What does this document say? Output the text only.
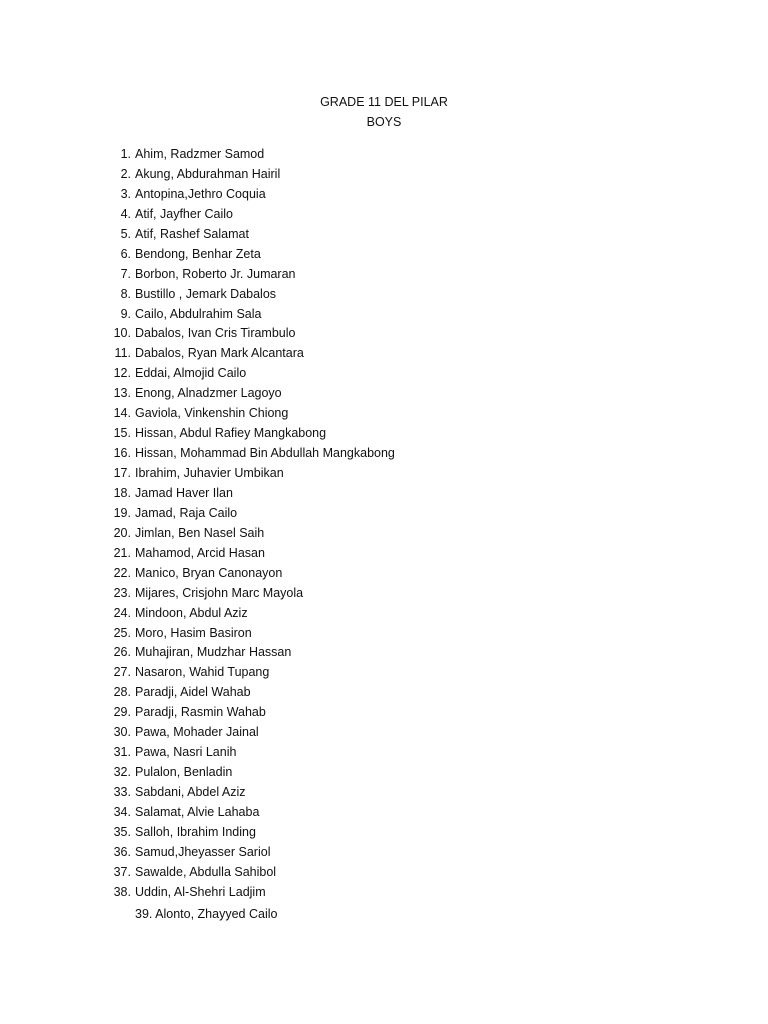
GRADE 11 DEL PILAR
BOYS
1. Ahim, Radzmer Samod
2. Akung, Abdurahman Hairil
3. Antopina,Jethro Coquia
4. Atif, Jayfher Cailo
5. Atif, Rashef Salamat
6. Bendong, Benhar Zeta
7. Borbon, Roberto Jr. Jumaran
8. Bustillo , Jemark Dabalos
9. Cailo, Abdulrahim Sala
10. Dabalos, Ivan Cris Tirambulo
11. Dabalos, Ryan Mark Alcantara
12. Eddai, Almojid Cailo
13. Enong, Alnadzmer Lagoyo
14. Gaviola, Vinkenshin Chiong
15. Hissan, Abdul Rafiey Mangkabong
16. Hissan, Mohammad Bin Abdullah Mangkabong
17. Ibrahim, Juhavier Umbikan
18. Jamad Haver Ilan
19. Jamad, Raja Cailo
20. Jimlan, Ben Nasel Saih
21. Mahamod, Arcid Hasan
22. Manico, Bryan Canonayon
23. Mijares, Crisjohn Marc Mayola
24. Mindoon, Abdul Aziz
25. Moro, Hasim Basiron
26. Muhajiran, Mudzhar Hassan
27. Nasaron, Wahid Tupang
28. Paradji, Aidel Wahab
29. Paradji, Rasmin Wahab
30. Pawa, Mohader Jainal
31. Pawa, Nasri Lanih
32. Pulalon, Benladin
33. Sabdani, Abdel Aziz
34. Salamat, Alvie Lahaba
35. Salloh, Ibrahim Inding
36. Samud,Jheyasser Sariol
37. Sawalde, Abdulla Sahibol
38. Uddin, Al-Shehri Ladjim
39. Alonto, Zhayyed Cailo
